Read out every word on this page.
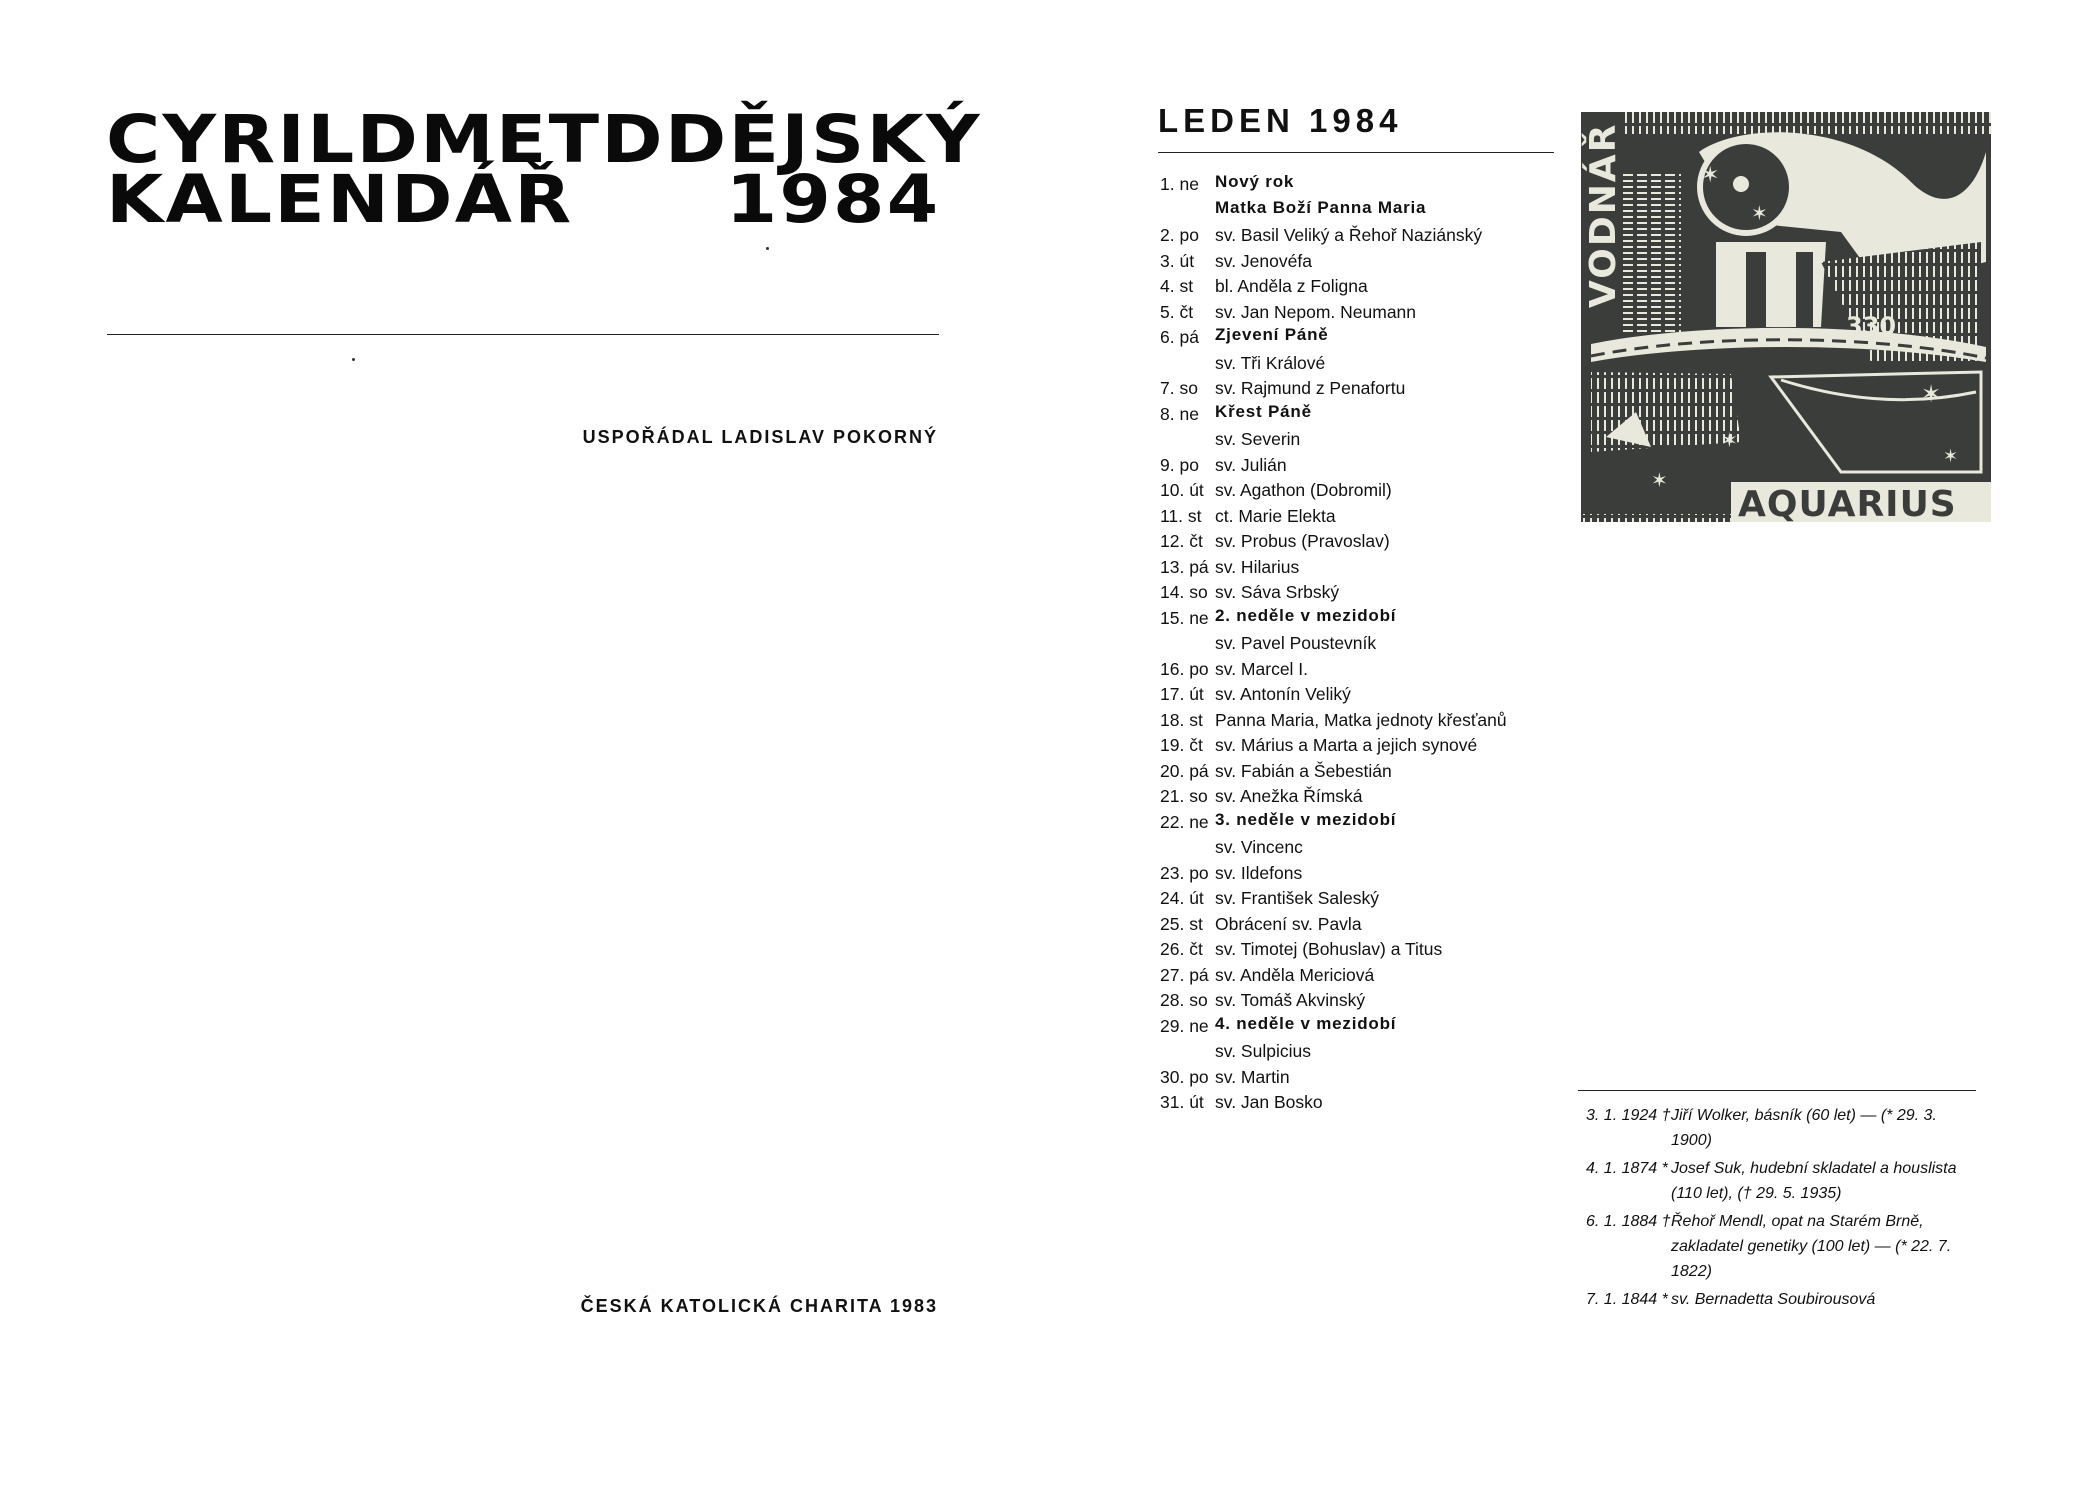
CYRILDMETDDĚJSKÝ
KALENDÁŘ 1984
USPOŘÁDAL LADISLAV POKORNÝ
ČESKÁ KATOLICKÁ CHARITA 1983
LEDEN 1984
1. ne Nový rok
Matka Boží Panna Maria
2. po sv. Basil Veliký a Řehoř Naziánský
3. út sv. Jenovéfa
4. st bl. Anděla z Foligna
5. čt sv. Jan Nepom. Neumann
6. pá Zjevení Páně
sv. Tři Králové
7. so sv. Rajmund z Penafortu
8. ne Křest Páně
sv. Severin
9. po sv. Julián
10. út sv. Agathon (Dobromil)
11. st ct. Marie Elekta
12. čt sv. Probus (Pravoslav)
13. pá sv. Hilarius
14. so sv. Sáva Srbský
15. ne 2. neděle v mezidobí
sv. Pavel Poustevník
16. po sv. Marcel I.
17. út sv. Antonín Veliký
18. st Panna Maria, Matka jednoty křesťanů
19. čt sv. Márius a Marta a jejich synové
20. pá sv. Fabián a Šebestián
21. so sv. Anežka Římská
22. ne 3. neděle v mezidobí
sv. Vincenc
23. po sv. Ildefons
24. út sv. František Saleský
25. st Obrácení sv. Pavla
26. čt sv. Timotej (Bohuslav) a Titus
27. pá sv. Anděla Mericiová
28. so sv. Tomáš Akvinský
29. ne 4. neděle v mezidobí
sv. Sulpicius
30. po sv. Martin
31. út sv. Jan Bosko
✶
✶	✶
✶
✶
✶
✶
VODNÁŘ
330
AQUARIUS
3. 1. 1924 † Jiří Wolker, básník (60 let) — (* 29. 3. 1900)
4. 1. 1874 * Josef Suk, hudební skladatel a houslista (110 let), († 29. 5. 1935)
6. 1. 1884 † Řehoř Mendl, opat na Starém Brně, zakladatel genetiky (100 let) — (* 22. 7. 1822)
7. 1. 1844 * sv. Bernadetta Soubirousová
